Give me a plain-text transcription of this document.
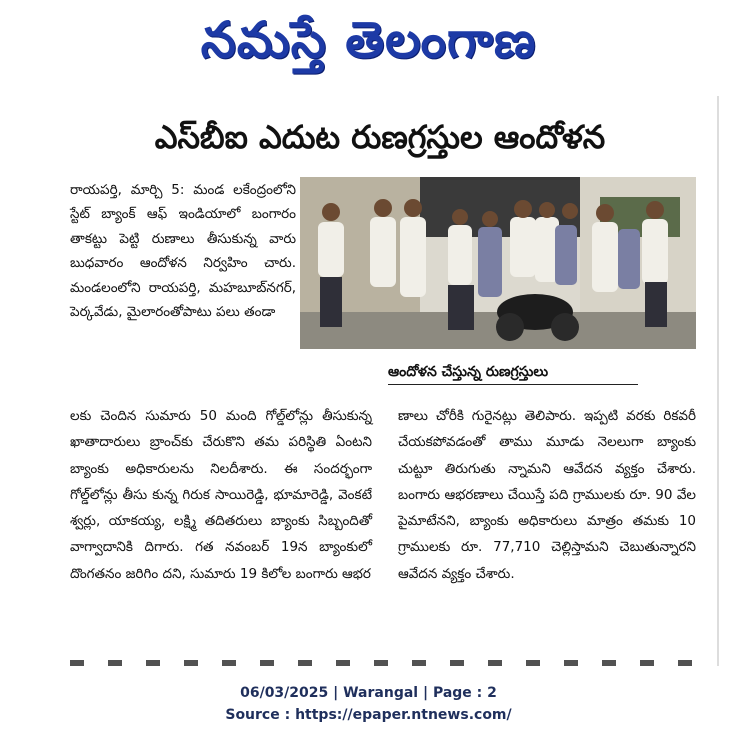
నమస్తే తెలంగాణ
ఎస్‌బీఐ ఎదుట రుణగ్రస్తుల ఆందోళన

రాయపర్తి, మార్చి 5: మండ లకేంద్రంలోని స్టేట్ బ్యాంక్ ఆఫ్ ఇండియాలో బంగారం తాకట్టు పెట్టి రుణాలు తీసుకున్న వారు బుధవారం ఆందోళన నిర్వహిం చారు. మండలంలోని రాయపర్తి, మహబూబ్‌నగర్, పెర్కవేడు, మైలారంతోపాటు పలు తండా

ఆందోళన చేస్తున్న రుణగ్రస్తులు

లకు చెందిన సుమారు 50 మంది గోల్డ్‌లోన్లు తీసుకున్న ఖాతాదారులు బ్రాంచ్‌కు చేరుకొని తమ పరిస్థితి ఏంటని బ్యాంకు అధికారులను నిలదీశారు. ఈ సందర్భంగా గోల్డ్‌లోన్లు తీసు కున్న గిరుక సాయిరెడ్డి, భూమారెడ్డి, వెంకటే శ్వర్లు, యాకయ్య, లక్ష్మి తదితరులు బ్యాంకు సిబ్బందితో వాగ్వాదానికి దిగారు. గత నవంబర్ 19న బ్యాంకులో దొంగతనం జరిగిం దని, సుమారు 19 కిలోల బంగారు ఆభర

ణాలు చోరీకి గురైనట్లు తెలిపారు. ఇప్పటి వరకు రికవరీ చేయకపోవడంతో తాము మూడు నెలలుగా బ్యాంకు చుట్టూ తిరుగుతు న్నామని ఆవేదన వ్యక్తం చేశారు. బంగారు ఆభరణాలు చేయిస్తే పది గ్రాములకు రూ. 90 వేల పైమాటేనని, బ్యాంకు అధికారులు మాత్రం తమకు 10 గ్రాములకు రూ. 77,710 చెల్లిస్తామని చెబుతున్నారని ఆవేదన వ్యక్తం చేశారు.

06/03/2025 | Warangal | Page : 2
Source : https://epaper.ntnews.com/
